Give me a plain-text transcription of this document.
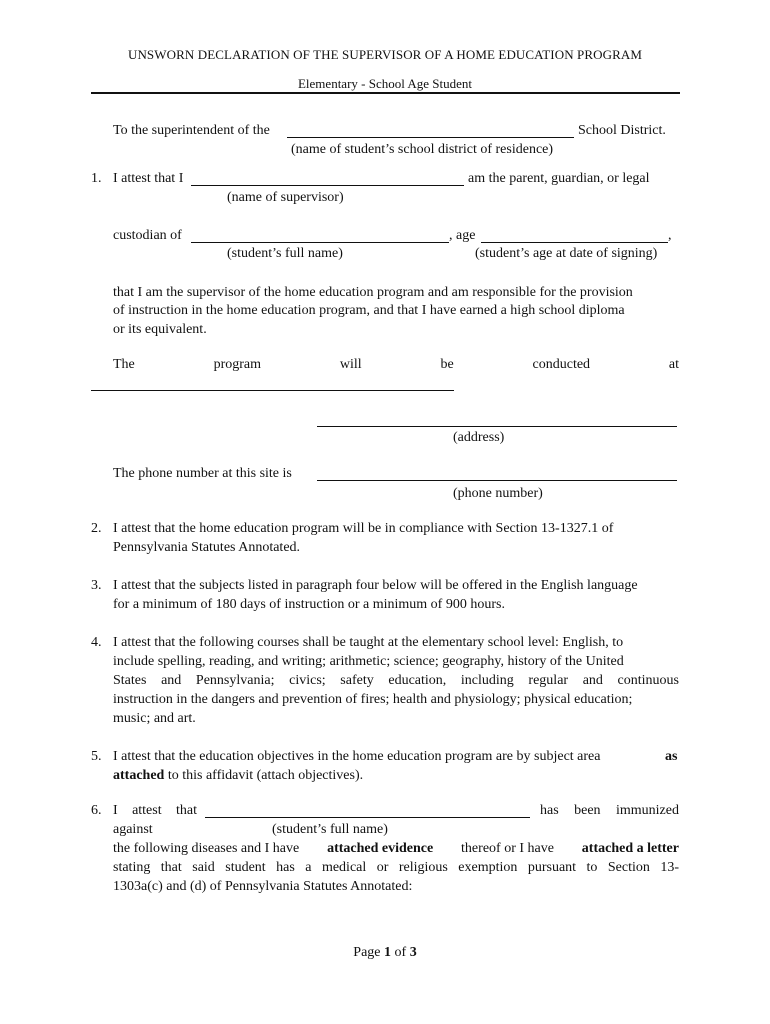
UNSWORN DECLARATION OF THE SUPERVISOR OF A HOME EDUCATION PROGRAM
Elementary - School Age Student
To the superintendent of the	School District.
(name of student’s school district of residence)
1. I attest that I	am the parent, guardian, or legal
(name of supervisor)
custodian of	, age	,
(student’s full name)	(student’s age at date of signing)
that I am the supervisor of the home education program and am responsible for the provision
of instruction in the home education program, and that I have earned a high school diploma
or its equivalent.
The	program	will	be	conducted	at
(address)
The phone number at this site is
(phone number)
2. I attest that the home education program will be in compliance with Section 13-1327.1 of
Pennsylvania Statutes Annotated.
3. I attest that the subjects listed in paragraph four below will be offered in the English language
for a minimum of 180 days of instruction or a minimum of 900 hours.
4. I attest that the following courses shall be taught at the elementary school level: English, to
include spelling, reading, and writing; arithmetic; science; geography, history of the United
States and Pennsylvania; civics; safety education, including regular and continuous
instruction in the dangers and prevention of fires; health and physiology; physical education;
music; and art.
5. I attest that the education objectives in the home education program are by subject area	as
attached to this affidavit (attach objectives).
6. I attest that	has been immunized
against	(student’s full name)
the following diseases and I have attached evidence thereof or I have attached a letter
stating that said student has a medical or religious exemption pursuant to Section 13-
1303a(c) and (d) of Pennsylvania Statutes Annotated:
Page 1 of 3
